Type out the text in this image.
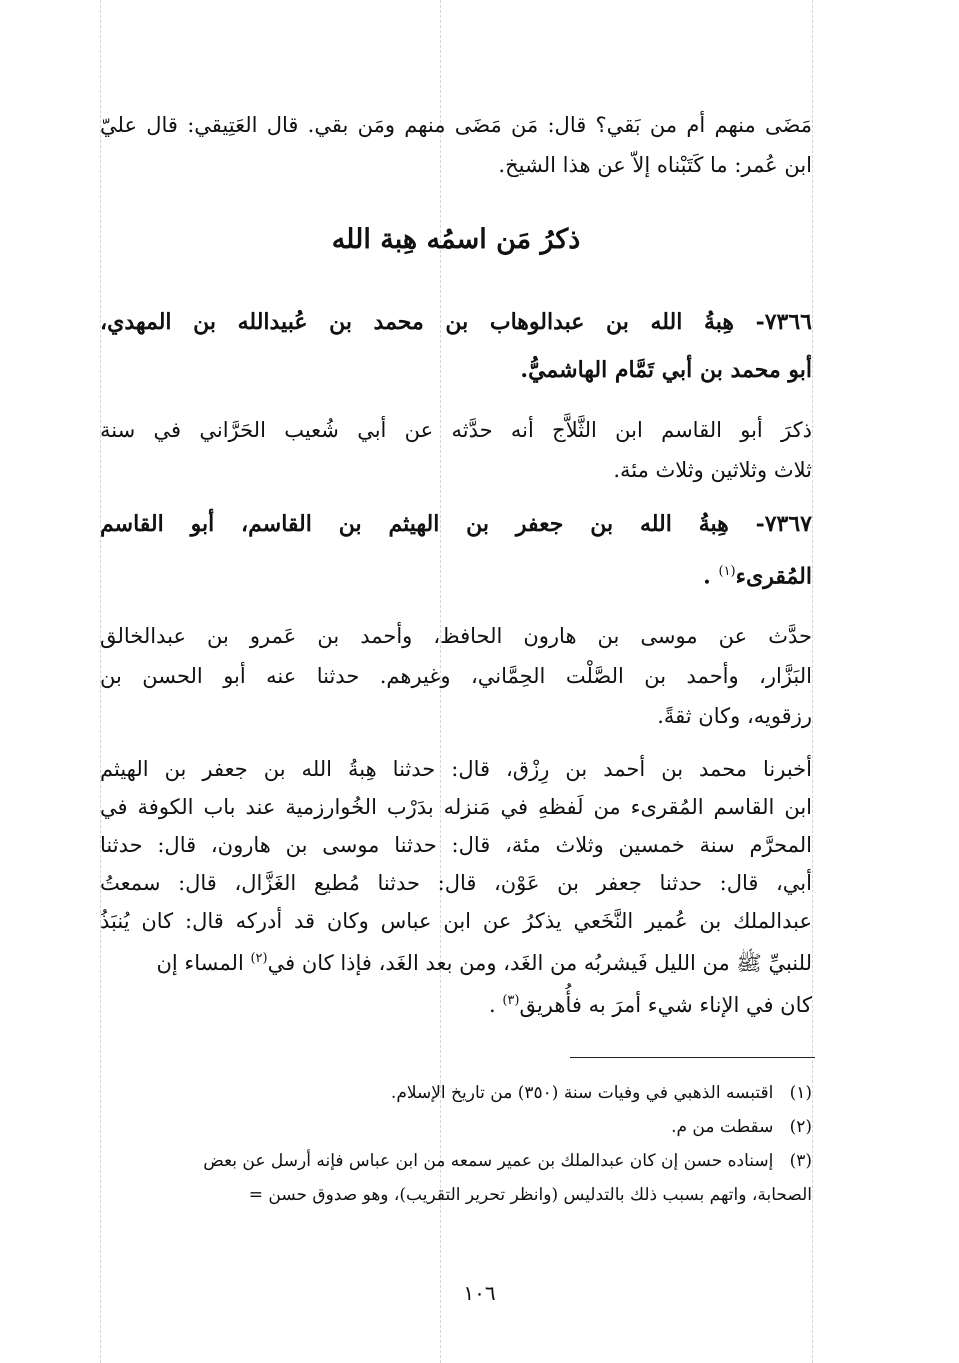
مَضَى منهم أم من بَقي؟ قال: مَن مَضَى منهم ومَن بقي. قال العَتِيقي: قال عليّ
ابن عُمر: ما كَتَبْناه إلاّ عن هذا الشيخ.
ذكرُ مَن اسمُه هِبة الله
٧٣٦٦- هِبةُ الله بن عبدالوهاب بن محمد بن عُبيدالله بن المهدي،
أبو محمد بن أبي تَمَّام الهاشميُّ.
ذكرَ أبو القاسم ابن الثَّلاَّج أنه حدَّثه عن أبي شُعيب الحَرَّاني في سنة
ثلاث وثلاثين وثلاث مئة.
٧٣٦٧- هِبةُ الله بن جعفر بن الهيثم بن القاسم، أبو القاسم
المُقرىء$^{(١)}$ .
حدَّث عن موسى بن هارون الحافظ، وأحمد بن عَمرو بن عبدالخالق
البَزَّار، وأحمد بن الصَّلْت الحِمَّاني، وغيرهم. حدثنا عنه أبو الحسن بن
رزقويه، وكان ثقةً.
أخبرنا محمد بن أحمد بن رِزْق، قال: حدثنا هِبةُ الله بن جعفر بن الهيثم
ابن القاسم المُقرىء من لَفظهِ في مَنزله بدَرْب الخُوارزمية عند باب الكوفة في
المحرَّم سنة خمسين وثلاث مئة، قال: حدثنا موسى بن هارون، قال: حدثنا
أبي، قال: حدثنا جعفر بن عَوْن، قال: حدثنا مُطيع الغَزَّال، قال: سمعتُ
عبدالملك بن عُمير النَّخَعي يذكرُ عن ابن عباس وكان قد أدركه قال: كان يُنبَذُ
للنبيِّ ﷺ من الليل فَيشربُه من الغَد، ومن بعد الغَد، فإذا كان في$^{(٢)}$ المساء إن
كان في الإناء شيء أمرَ به فأُهريق$^{(٣)}$ .
(١)   اقتبسه الذهبي في وفيات سنة (٣٥٠) من تاريخ الإسلام.
(٢)   سقطت من م.
(٣)   إسناده حسن إن كان عبدالملك بن عمير سمعه من ابن عباس فإنه أرسل عن بعض
الصحابة، واتهم بسبب ذلك بالتدليس (وانظر تحرير التقريب)، وهو صدوق حسن =
١٠٦
